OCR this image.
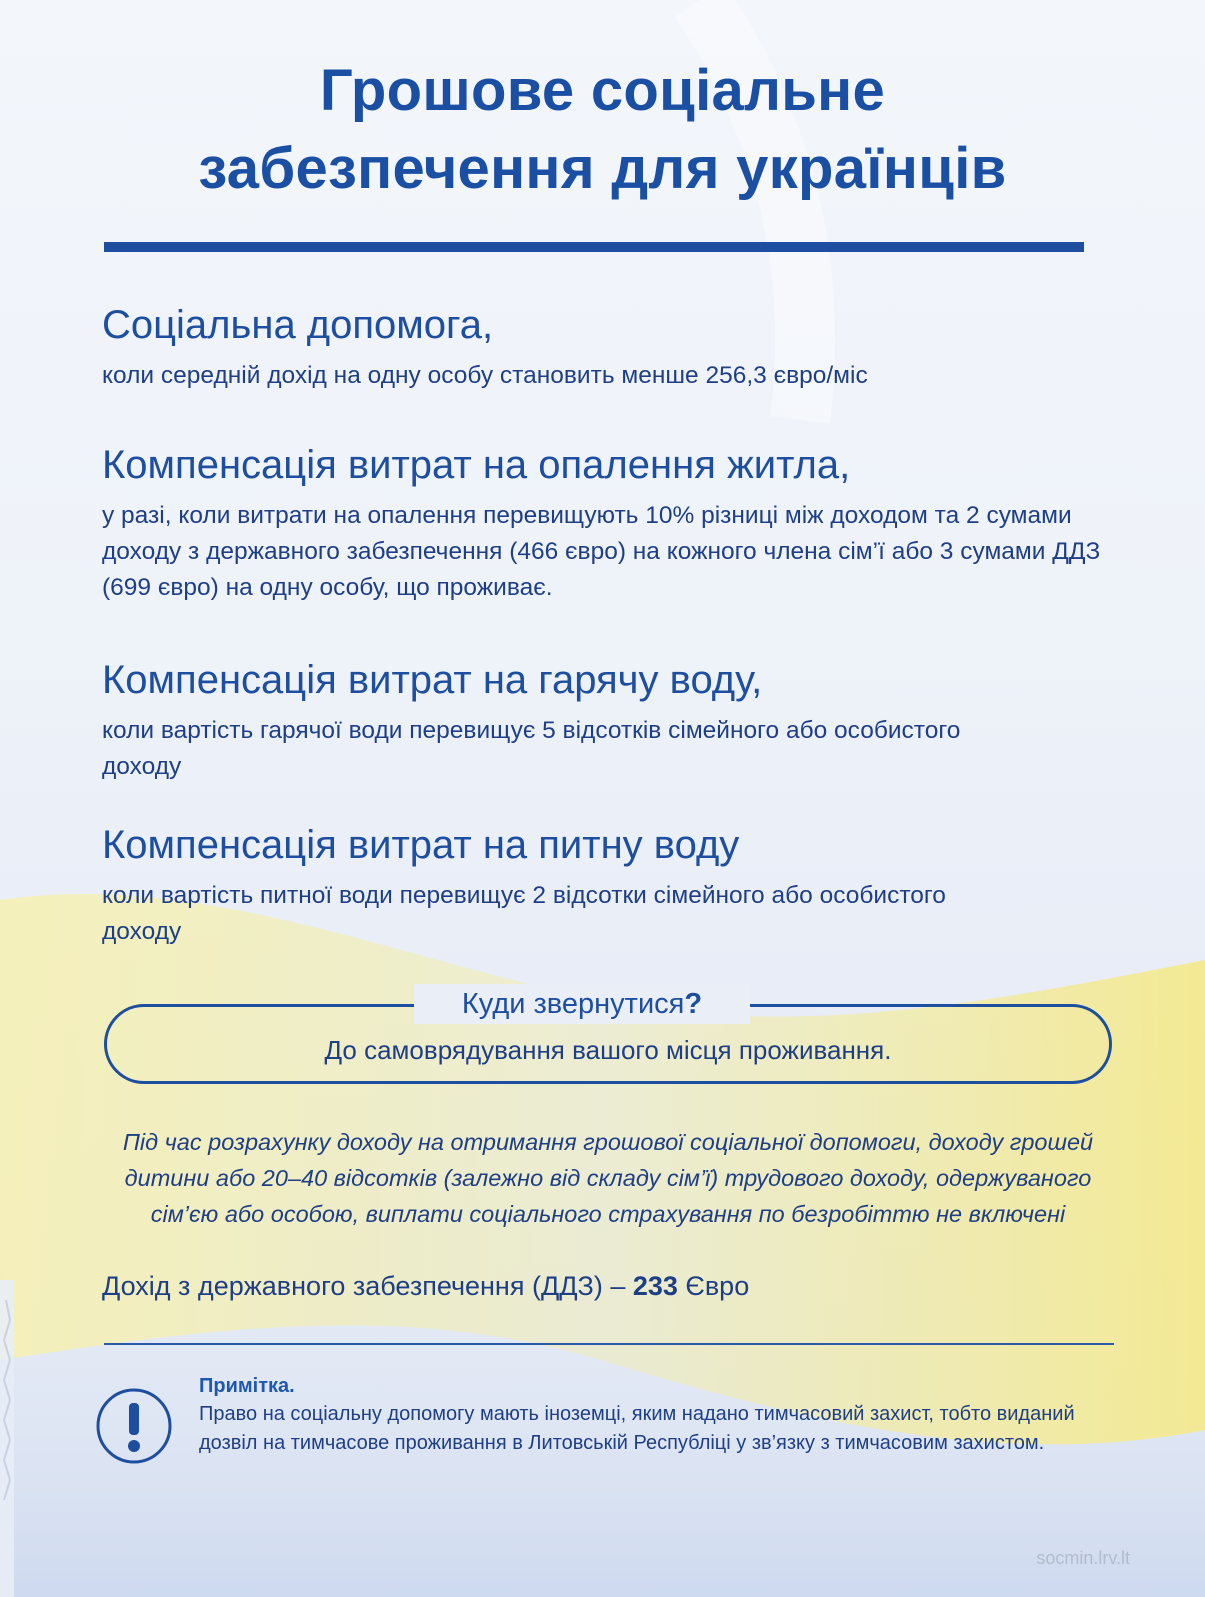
Грошове соціальне
забезпечення для українців
Соціальна допомога,

коли середній дохід на одну особу становить менше 256,3 євро/міс

Компенсація витрат на опалення житла,

у разі, коли витрати на опалення перевищують 10% різниці між доходом та 2 сумами доходу з державного забезпечення (466 євро) на кожного члена сім’ї або 3 сумами ДДЗ (699 євро) на одну особу, що проживає.

Компенсація витрат на гарячу воду,

коли вартість гарячої води перевищує 5 відсотків сімейного або особистого доходу

Компенсація витрат на питну воду

коли вартість питної води перевищує 2 відсотки сімейного або особистого доходу

Куди звернутися?
До самоврядування вашого місця проживання.
Під час розрахунку доходу на отримання грошової соціальної допомоги, доходу грошей дитини або 20–40 відсотків (залежно від складу сім’ї) трудового доходу, одержуваного сім’єю або особою, виплати соціального страхування по безробіттю не включені
Дохід з державного забезпечення (ДДЗ) – 233 Євро
Примітка.
Право на соціальну допомогу мають іноземці, яким надано тимчасовий захист, тобто виданий дозвіл на тимчасове проживання в Литовській Республіці у зв’язку з тимчасовим захистом.
socmin.lrv.lt
